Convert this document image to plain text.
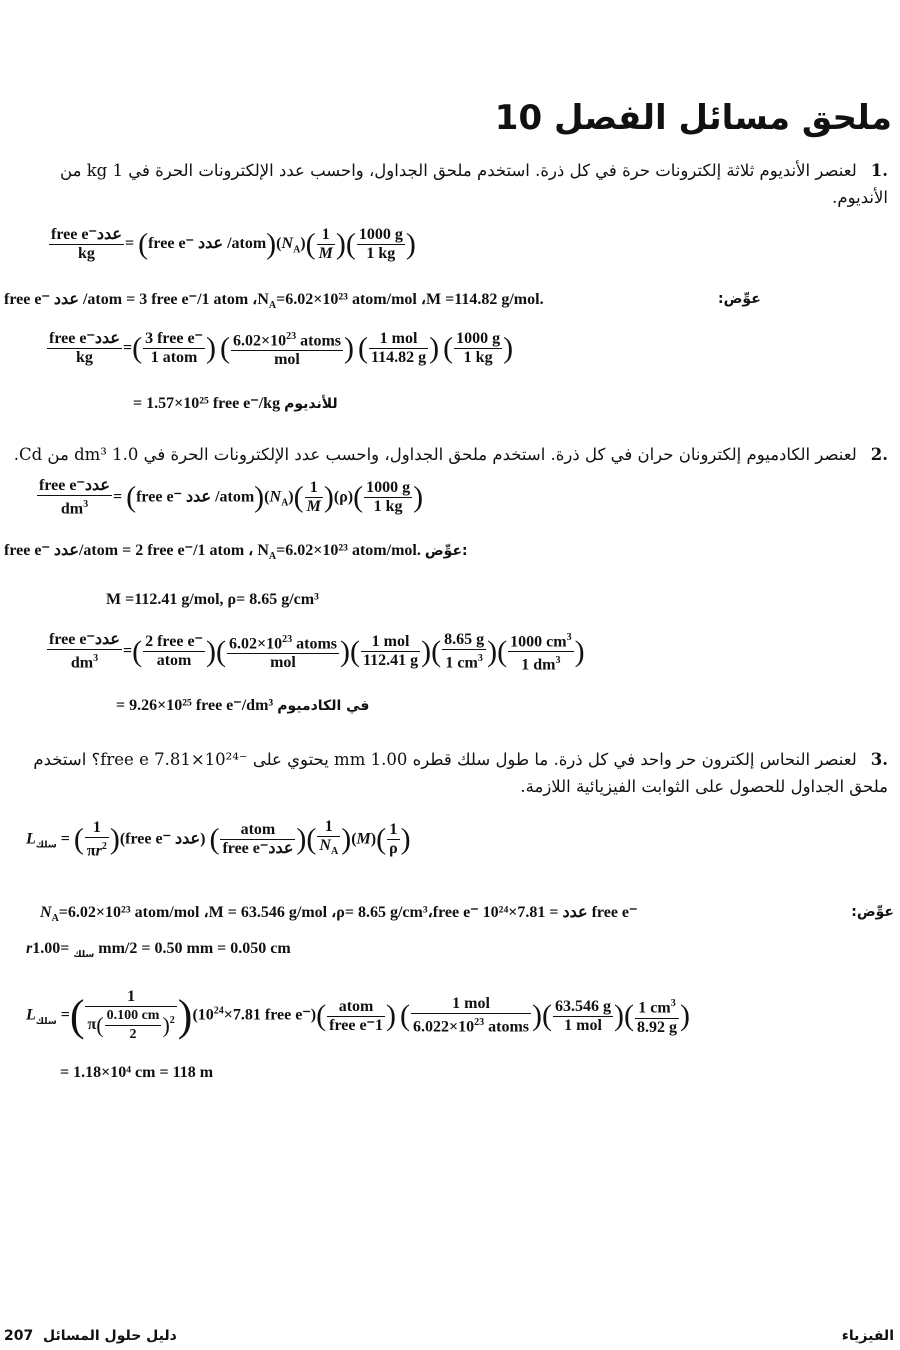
ملحق مسائل الفصل 10
.1لعنصر الأنديوم ثلاثة إلكترونات حرة في كل ذرة. استخدم ملحق الجداول، واحسب عدد الإلكترونات الحرة في 1 kg من الأنديوم.
$\frac{\text{free e⁻عدد}}{kg}$ = (free e⁻ عدد $/atom)(N_A)( \frac{1}{M}$ )( $\frac{1000 g}{1 kg}$ )
free e⁻ عدد /atom = 3 free e⁻/1 atom $،N_A=6.02\times 10^{23}$ atom/mol ،M =114.82 g/mol.	عوِّض:
$\frac{\text{free e⁻عدد}}{kg}$ =( $\frac{\text{3 free e⁻}}{\text{1 atom}}$ ) ( $\frac{6.02\times 10^{23} atoms}{\text{mol}}$ ) ( $\frac{\text{1 mol}}{114.82 g}$ ) ( $\frac{1000 g}{1 kg}$ )
= 1.57×10²⁵ free e⁻/kg للأنديوم
.2لعنصر الكادميوم إلكترونان حران في كل ذرة. استخدم ملحق الجداول، واحسب عدد الإلكترونات الحرة في 1.0 dm³ من Cd.
$\frac{\text{free e⁻عدد}}{dm^3}$ = (free e⁻ عدد $/atom)(N_A)( \frac{1}{M} )(\rho)( \frac{1000 g}{1 kg}$ )
free e⁻ عدد/atom = 2 free e⁻/1 atom ، $N_A=6.02\times 10^{23}$ atom/mol. عوِّض:
M =112.41 g/mol, ρ= 8.65 g/cm³
$\frac{\text{free e⁻عدد}}{dm^3}$ =( $\frac{\text{2 free e⁻}}{\text{atom}}$ )( $\frac{6.02\times 10^{23} atoms}{\text{mol}}$ )( $\frac{\text{1 mol}}{112.41 g}$ )( $\frac{8.65 g}{1 cm^3}$ )( $\frac{1000 cm^3}{1 dm^3}$ )
= 9.26×10²⁵ free e⁻/dm³ في الكادميوم
.3لعنصر النحاس إلكترون حر واحد في كل ذرة. ما طول سلك قطره 1.00 mm يحتوي على ⁻free e 7.81×10²⁴؟ استخدم ملحق الجداول للحصول على الثوابت الفيزيائية اللازمة.
$L_{سلك}$ = ( $\frac{1}{\pi r^2}$ )(free e⁻ عدد) ( $\frac{\text{atom}}{\text{free e⁻عدد}}$ )( $\frac{1}{N_A} )(M)( \frac{1}{\rho}$ )
$N_A=6.02\times 10^{23}$ atom/mol ،M = 63.546 g/mol ،ρ= 8.65 g/cm³،free e⁻ عدد = 7.81×10²⁴ free e⁻	عوِّض:
r	$_{سلك}$ =1.00 mm/2 = 0.50 mm = 0.050 cm
$L_{سلك}$ =( $\frac{1}{\pi( \frac{0.100 cm}{2} )^2} )(7.81\times 10^{24}$ free $e^-)( \frac{\text{atom}}{\text{free e⁻1}}$ ) ( $\frac{\text{1 mol}}{6.022\times 10^{23} atoms}$ )( $\frac{63.546 g}{\text{1 mol}}$ )( $\frac{1 cm^3}{8.92 g}$ )
= 1.18×10⁴ cm = 118 m
207 دليل حلول المسائل	الفيزياء
